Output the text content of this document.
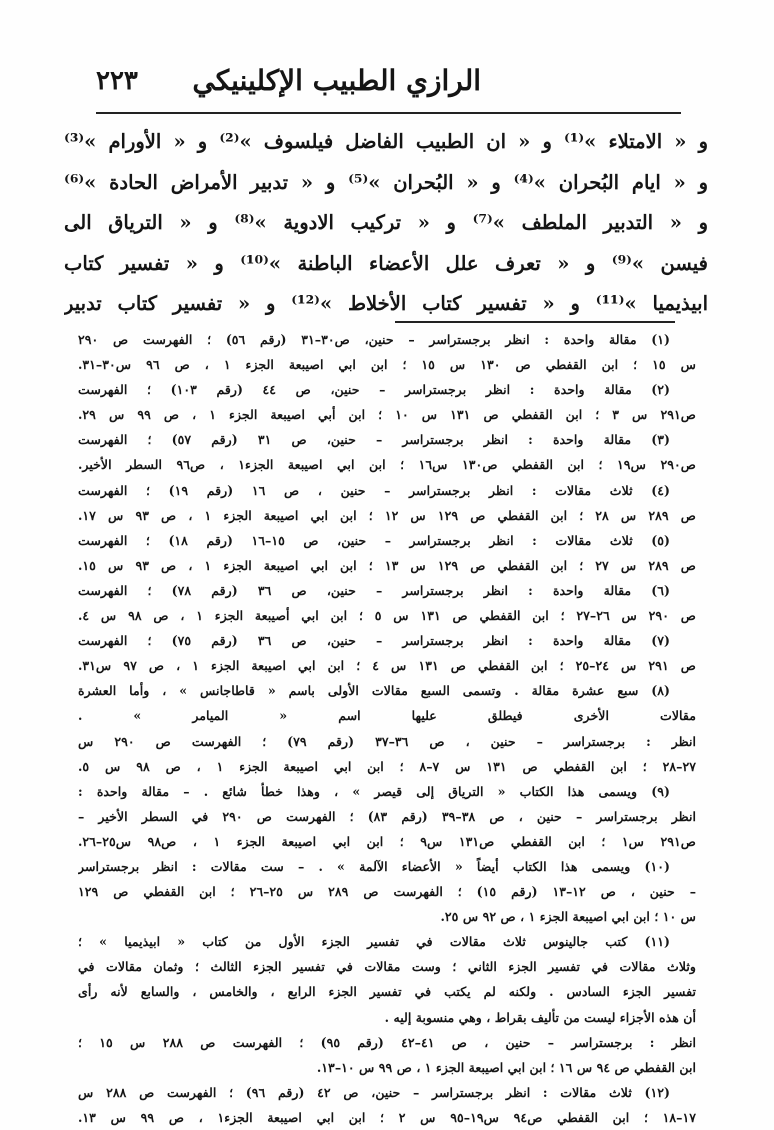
الرازي الطبيب الإكلينيكي
٢٢٣
و « الامتلاء »⁽¹⁾ و « ان الطبيب الفاضل فيلسوف »⁽²⁾ و « الأورام »⁽³⁾
و « ايام البُحران »⁽⁴⁾ و « البُحران »⁽⁵⁾ و « تدبير الأمراض الحادة »⁽⁶⁾
و « التدبير الملطف »⁽⁷⁾ و « تركيب الادوية »⁽⁸⁾ و « الترياق الى
فيسن »⁽⁹⁾ و « تعرف علل الأعضاء الباطنة »⁽¹⁰⁾ و « تفسير كتاب
ابيذيميا »⁽¹¹⁾ و « تفسير كتاب الأخلاط »⁽¹²⁾ و « تفسير كتاب تدبير
(١) مقالة واحدة : انظر برجستراسر – حنين، ص٣٠–٣١ (رقم ٥٦) ؛ الفهرست ص ٢٩٠
س ١٥ ؛ ابن القفطي ص ١٣٠ س ١٥ ؛ ابن ابي اصيبعة الجزء ١ ، ص ٩٦ س٣٠–٣١.
(٢) مقالة واحدة : انظر برجستراسر – حنين، ص ٤٤ (رقم ١٠٣) ؛ الفهرست
ص٢٩١ س ٣ ؛ ابن القفطي ص ١٣١ س ١٠ ؛ ابن أبي اصيبعة الجزء ١ ، ص ٩٩ س ٢٩.
(٣) مقالة واحدة : انظر برجستراسر – حنين، ص ٣١ (رقم ٥٧) ؛ الفهرست
ص٢٩٠ س١٩ ؛ ابن القفطي ص١٣٠ س١٦ ؛ ابن ابي اصيبعة الجزء١ ، ص٩٦ السطر الأخير.
(٤) ثلاث مقالات : انظر برجستراسر – حنين ، ص ١٦ (رقم ١٩) ؛ الفهرست
ص ٢٨٩ س ٢٨ ؛ ابن القفطي ص ١٢٩ س ١٢ ؛ ابن ابي اصيبعة الجزء ١ ، ص ٩٣ س ١٧.
(٥) ثلاث مقالات : انظر برجستراسر – حنين، ص ١٥–١٦ (رقم ١٨) ؛ الفهرست
ص ٢٨٩ س ٢٧ ؛ ابن القفطي ص ١٢٩ س ١٣ ؛ ابن ابي اصيبعة الجزء ١ ، ص ٩٣ س ١٥.
(٦) مقالة واحدة : انظر برجستراسر – حنين، ص ٣٦ (رقم ٧٨) ؛ الفهرست
ص ٢٩٠ س ٢٦–٢٧ ؛ ابن القفطي ص ١٣١ س ٥ ؛ ابن ابي أصيبعة الجزء ١ ، ص ٩٨ س ٤.
(٧) مقالة واحدة : انظر برجستراسر – حنين، ص ٣٦ (رقم ٧٥) ؛ الفهرست
ص ٢٩١ س ٢٤–٢٥ ؛ ابن القفطي ص ١٣١ س ٤ ؛ ابن ابي اصيبعة الجزء ١ ، ص ٩٧ س٣١.
(٨) سبع عشرة مقالة . وتسمى السبع مقالات الأولى باسم « قاطاجانس » ، وأما العشرة
مقالات الأخرى فيطلق عليها اسم « الميامر » .
انظر : برجستراسر – حنين ، ص ٣٦–٣٧ (رقم ٧٩) ؛ الفهرست ص ٢٩٠ س
٢٧–٢٨ ؛ ابن القفطي ص ١٣١ س ٧–٨ ؛ ابن ابي اصيبعة الجزء ١ ، ص ٩٨ س ٥.
(٩) ويسمى هذا الكتاب « الترياق إلى قيصر » ، وهذا خطأ شائع . – مقالة واحدة :
انظر برجستراسر – حنين ، ص ٣٨–٣٩ (رقم ٨٣) ؛ الفهرست ص ٢٩٠ في السطر الأخير –
ص٢٩١ س١ ؛ ابن القفطي ص١٣١ س٩ ؛ ابن ابي اصيبعة الجزء ١ ، ص٩٨ س٢٥–٢٦.
(١٠) ويسمى هذا الكتاب أيضاً « الأعضاء الآلمة » . – ست مقالات : انظر برجستراسر
– حنين ، ص ١٢–١٣ (رقم ١٥) ؛ الفهرست ص ٢٨٩ س ٢٥–٢٦ ؛ ابن القفطي ص ١٢٩
س ١٠ ؛ ابن ابي اصيبعة الجزء ١ ، ص ٩٢ س ٢٥.
(١١) كتب جالينوس ثلاث مقالات في تفسير الجزء الأول من كتاب « ابيذيميا » ؛
وثلاث مقالات في تفسير الجزء الثاني ؛ وست مقالات في تفسير الجزء الثالث ؛ وثمان مقالات في
تفسير الجزء السادس . ولكنه لم يكتب في تفسير الجزء الرابع ، والخامس ، والسابع لأنه رأى
أن هذه الأجزاء ليست من تأليف بقراط ، وهي منسوبة إليه .
انظر : برجستراسر – حنين ، ص ٤١–٤٢ (رقم ٩٥) ؛ الفهرست ص ٢٨٨ س ١٥ ؛
ابن القفطي ص ٩٤ س ١٦ ؛ ابن ابي اصيبعة الجزء ١ ، ص ٩٩ س ١٠–١٣.
(١٢) ثلاث مقالات : انظر برجستراسر – حنين، ص ٤٢ (رقم ٩٦) ؛ الفهرست ص ٢٨٨ س
١٧–١٨ ؛ ابن القفطي ص٩٤ س١٩–٩٥ س ٢ ؛ ابن ابي اصيبعة الجزء١ ، ص ٩٩ س ١٣.
